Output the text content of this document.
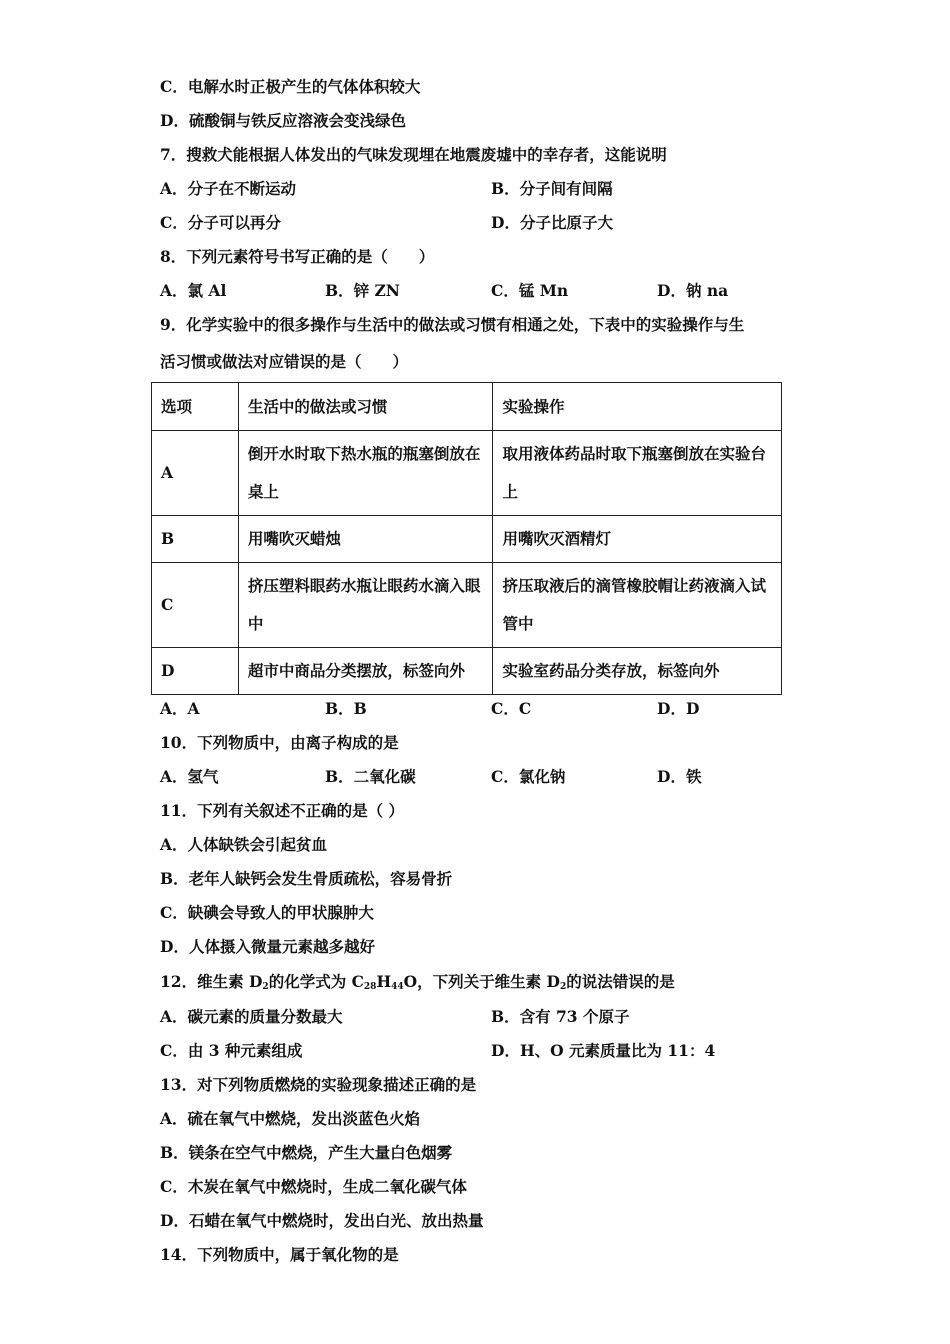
C．电解水时正极产生的气体体积较大
D．硫酸铜与铁反应溶液会变浅绿色
7．搜救犬能根据人体发出的气味发现埋在地震废墟中的幸存者，这能说明
A．分子在不断运动	B．分子间有间隔
C．分子可以再分	D．分子比原子大
8．下列元素符号书写正确的是（　　）
A．氯 Al	B．锌 ZN	C．锰 Mn	D．钠 na
9．化学实验中的很多操作与生活中的做法或习惯有相通之处，下表中的实验操作与生
活习惯或做法对应错误的是（　　）
选项	生活中的做法或习惯	实验操作
A	倒开水时取下热水瓶的瓶塞倒放在桌上	取用液体药品时取下瓶塞倒放在实验台上
B	用嘴吹灭蜡烛	用嘴吹灭酒精灯
C	挤压塑料眼药水瓶让眼药水滴入眼中	挤压取液后的滴管橡胶帽让药液滴入试管中
D	超市中商品分类摆放，标签向外	实验室药品分类存放，标签向外
A．A	B．B	C．C	D．D
10．下列物质中，由离子构成的是
A．氢气	B．二氧化碳	C．氯化钠	D．铁
11．下列有关叙述不正确的是（ ）
A．人体缺铁会引起贫血
B．老年人缺钙会发生骨质疏松，容易骨折
C．缺碘会导致人的甲状腺肿大
D．人体摄入微量元素越多越好
12．维生素 $D_2$的化学式为 $C_{28}H_{44}O$，下列关于维生素 $D_2$的说法错误的是
A．碳元素的质量分数最大	B．含有 73 个原子
C．由 3 种元素组成	D．H、O 元素质量比为 11：4
13．对下列物质燃烧的实验现象描述正确的是
A．硫在氧气中燃烧，发出淡蓝色火焰
B．镁条在空气中燃烧，产生大量白色烟雾
C．木炭在氧气中燃烧时，生成二氧化碳气体
D．石蜡在氧气中燃烧时，发出白光、放出热量
14．下列物质中，属于氧化物的是
